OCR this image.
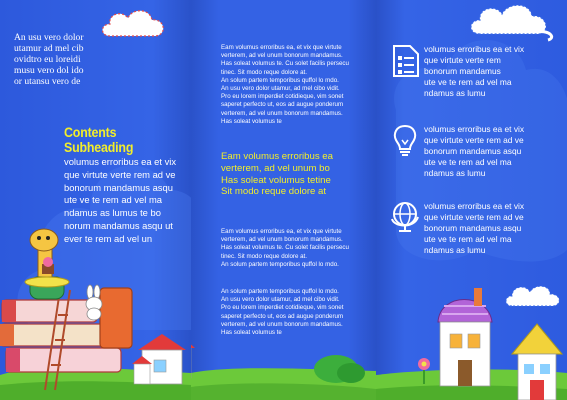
An usu vero dolor
utamur ad mel cib
ovidtro eu loreidi
musu vero dol ido
or utansu vero de
Contents Subheading
volumus erroribus ea et vix
que virtute verte rem ad ve
bonorum mandamus asqu
ute ve te rem ad vel ma
ndamus as lumus te bo
norum mandamus asqu ut
ever te rem ad vel un
Eam volumus erroribus ea, et vix que virtute
verterem, ad vel unum bonorum mandamus.
Has soleat volumus te. Cu solet facilis persecu
tinec. Sit modo reque dolore at.
An solum partem temporibus quffol lo mdo.
An usu vero dolor utamur, ad mel cibo vidit.
Pro eu lorem imperdiet cotidieque, vim sonet
saperet perfecto ut, eos ad augue ponderum
verterem, ad vel unum bonorum mandamus.
Has soleat volumus te
Eam volumus erroribus ea
verterem, ad vel unum bo
Has soleat volumus tetine
Sit modo reque dolore at
Eam volumus erroribus ea, et vix que virtute
verterem, ad vel unum bonorum mandamus.
Has soleat volumus te. Cu solet facilis persecu
tinec. Sit modo reque dolore at.
An solum partem temporibus quffol lo mdo.
An solum partem temporibus quffol lo mdo.
An usu vero dolor utamur, ad mel cibo vidit.
Pro eu lorem imperdiet cotidieque, vim sonet
saperet perfecto ut, eos ad augue ponderum
verterem, ad vel unum bonorum mandamus.
Has soleat volumus te
volumus erroribus ea et vix
que virtute verte rem
bonorum mandamus
ute ve te rem ad vel ma
ndamus as lumu
volumus erroribus ea et vix
que virtute verte rem ad ve
bonorum mandamus asqu
ute ve te rem ad vel ma
ndamus as lumu
volumus erroribus ea et vix
que virtute verte rem ad ve
bonorum mandamus asqu
ute ve te rem ad vel ma
ndamus as lumu
